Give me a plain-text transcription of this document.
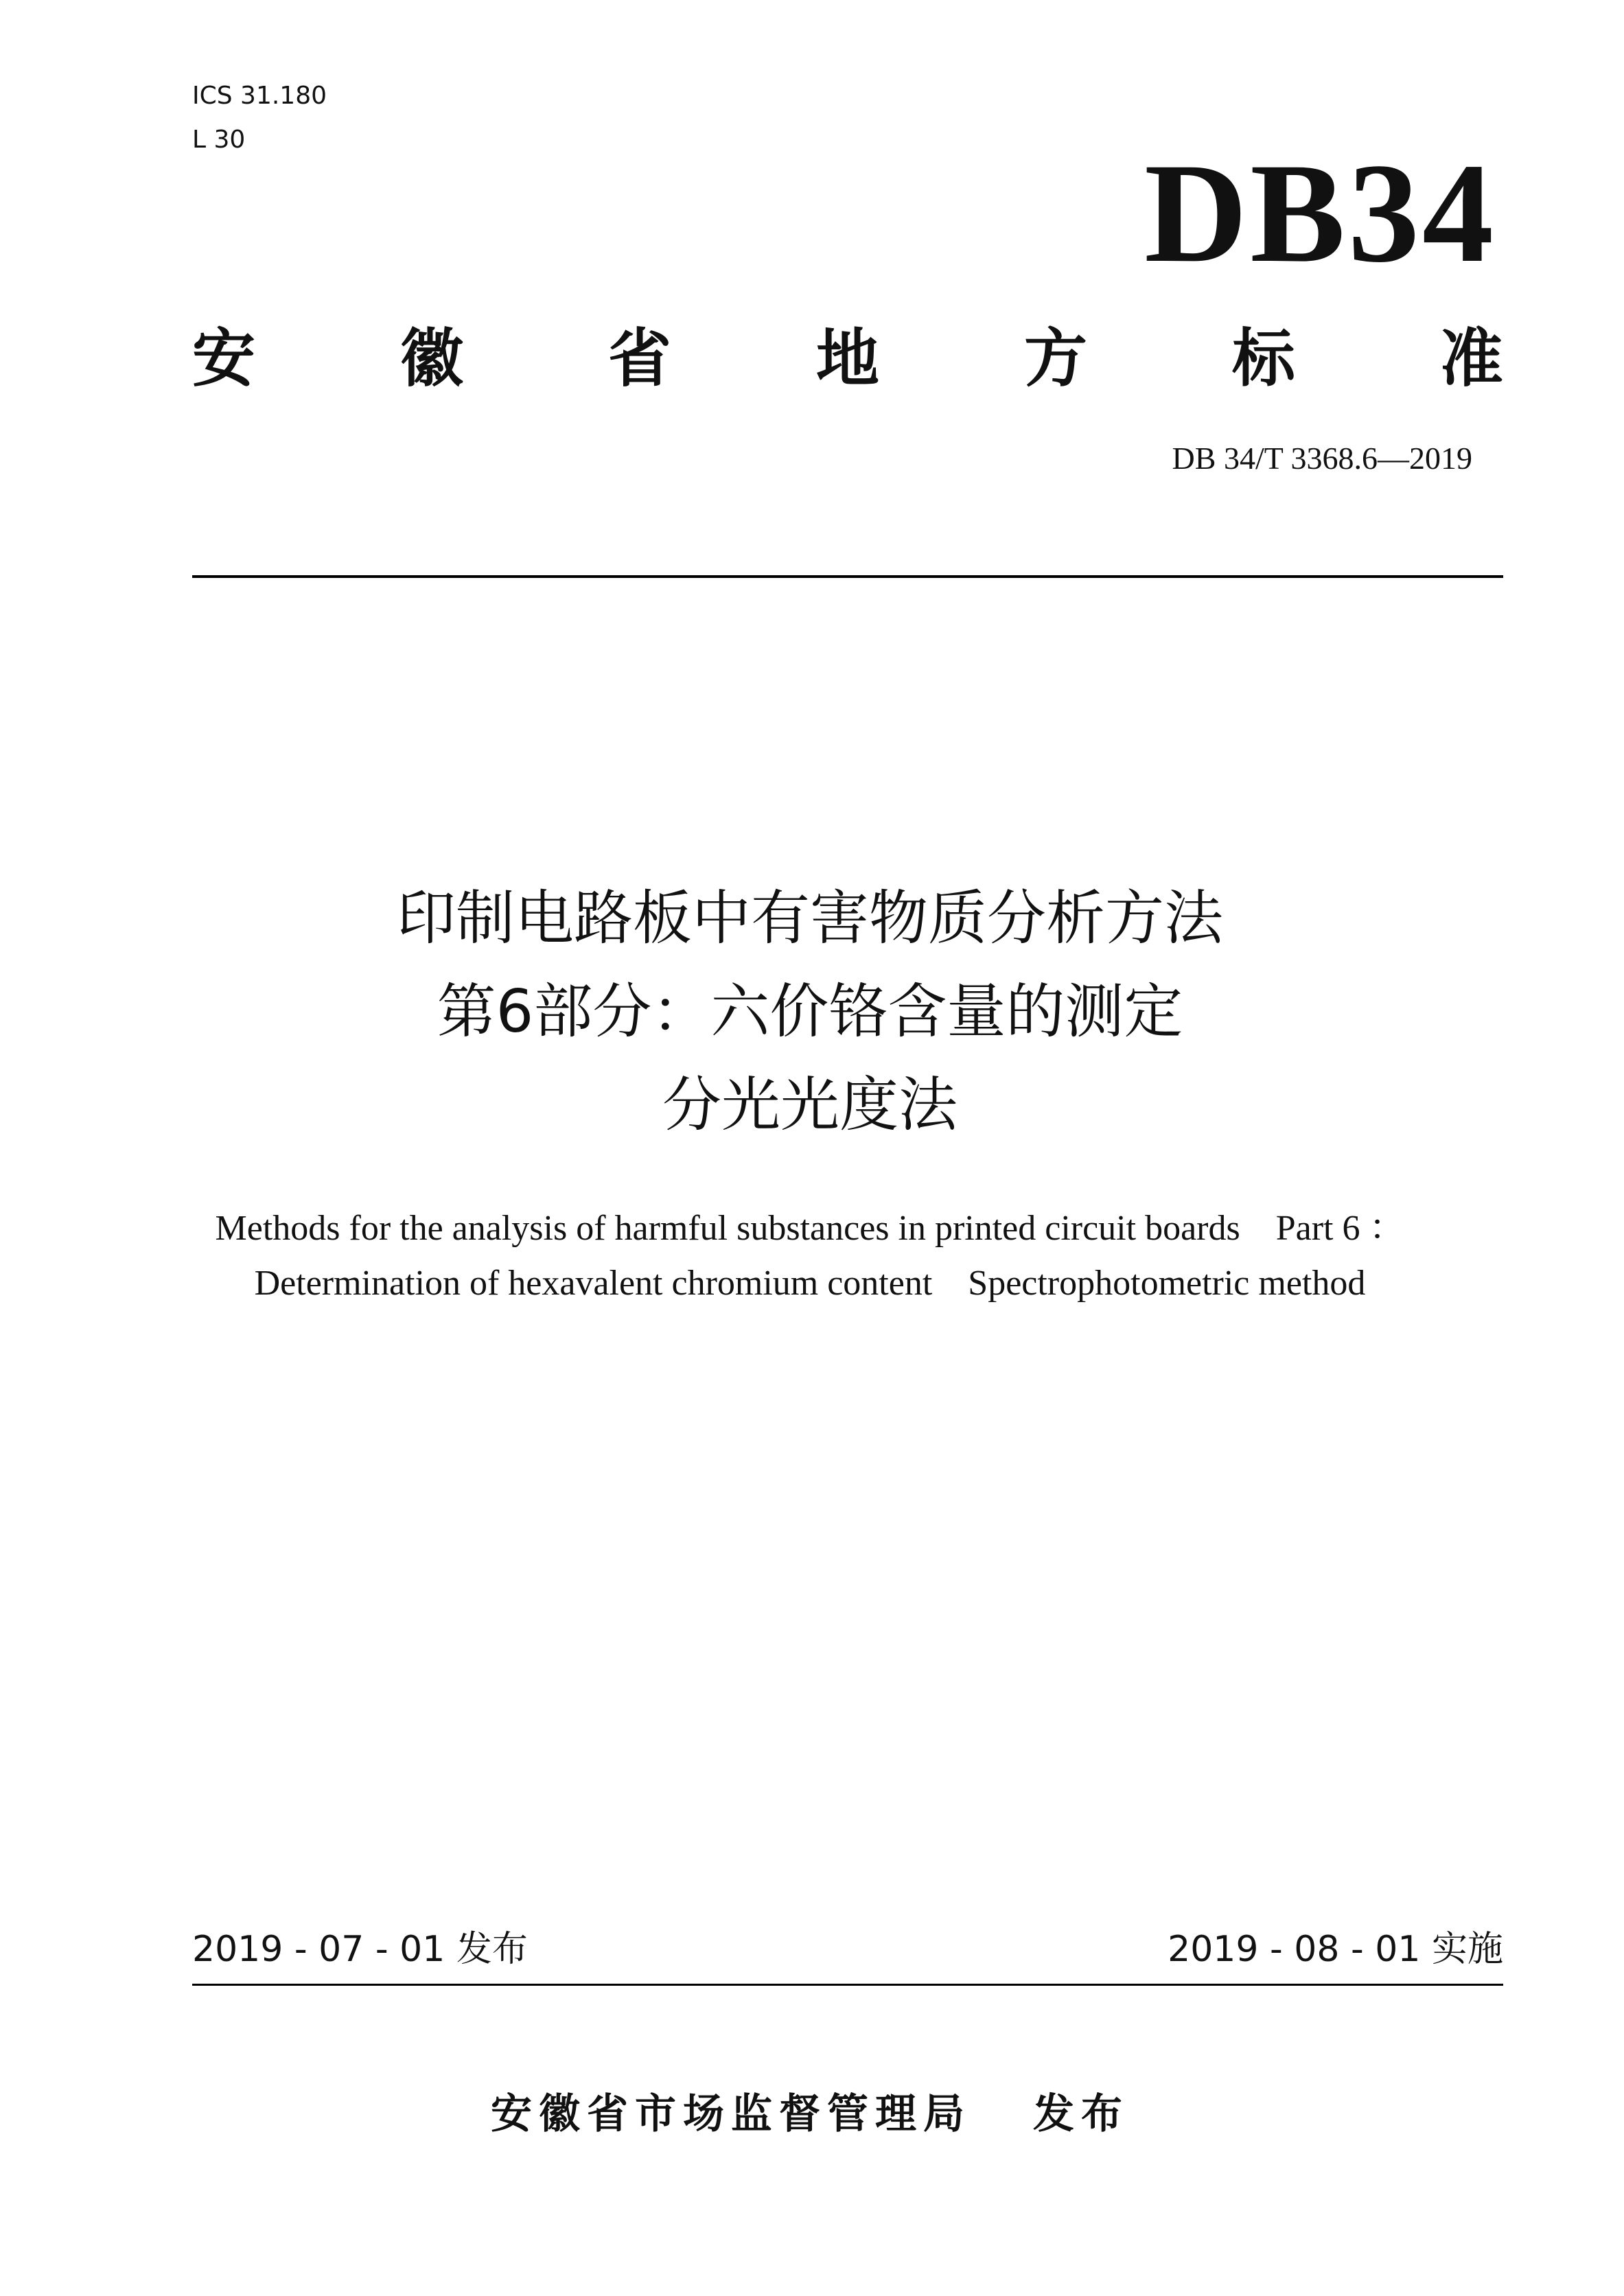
ICS 31.180
L 30	DB34
安 徽 省 地 方 标 准
DB 34/T 3368.6—2019
印制电路板中有害物质分析方法
第6部分：六价铬含量的测定
分光光度法
Methods for the analysis of harmful substances in printed circuit boards    Part 6 ：
Determination of hexavalent chromium content    Spectrophotometric method
2019 - 07 - 01 发布	2019 - 08 - 01 实施
安徽省市场监督管理局 发布
